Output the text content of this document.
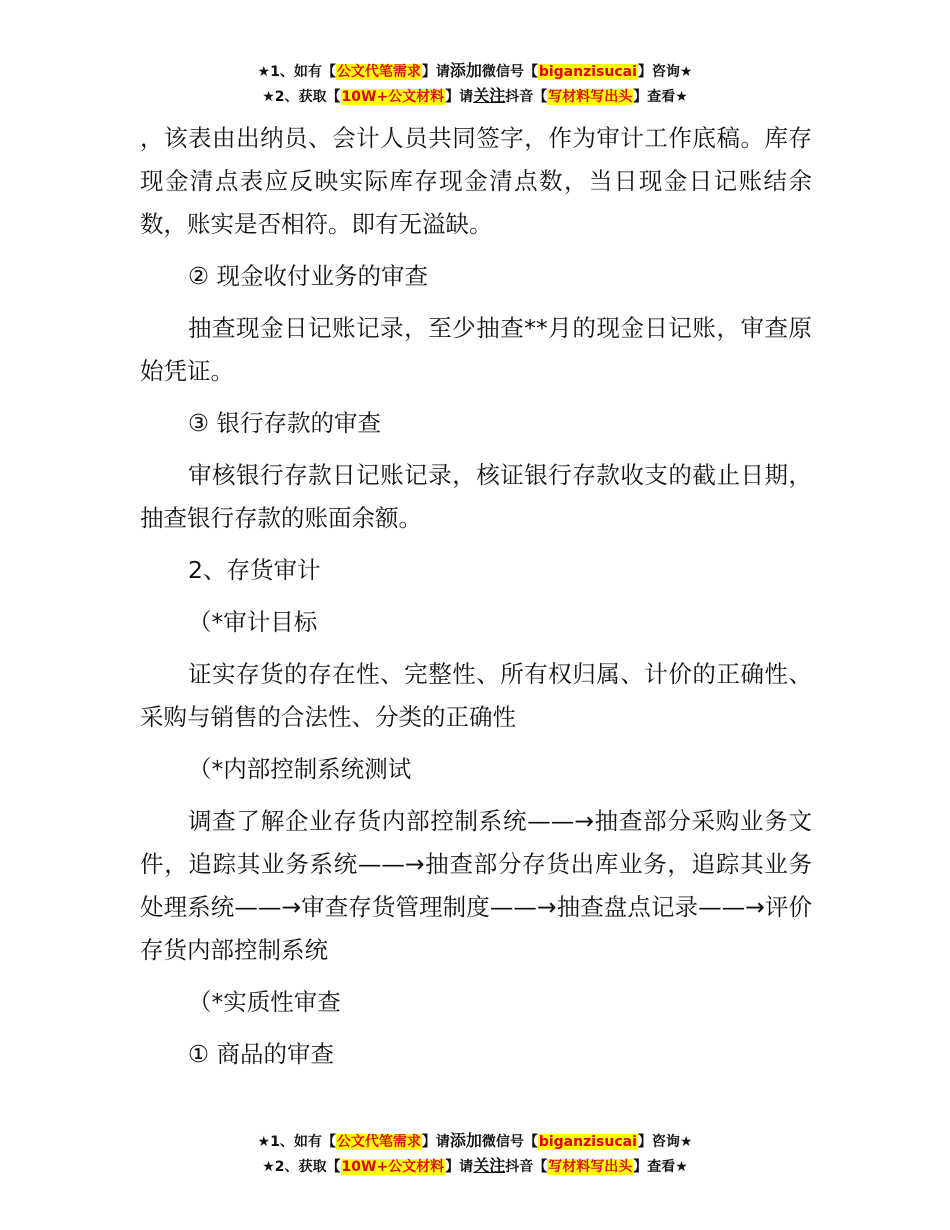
★1、如有【公文代笔需求】请添加微信号【biganzisucai】咨询★
★2、获取【10W+公文材料】请关注抖音【写材料写出头】查看★

，该表由出纳员、会计人员共同签字，作为审计工作底稿。库存现金清点表应反映实际库存现金清点数，当日现金日记账结余数，账实是否相符。即有无溢缺。

② 现金收付业务的审查

抽查现金日记账记录，至少抽查**月的现金日记账，审查原始凭证。

③ 银行存款的审查

审核银行存款日记账记录，核证银行存款收支的截止日期，抽查银行存款的账面余额。

2、存货审计

（*审计目标

证实存货的存在性、完整性、所有权归属、计价的正确性、采购与销售的合法性、分类的正确性

（*内部控制系统测试

调查了解企业存货内部控制系统——→抽查部分采购业务文件，追踪其业务系统——→抽查部分存货出库业务，追踪其业务处理系统——→审查存货管理制度——→抽查盘点记录——→评价存货内部控制系统

（*实质性审查

① 商品的审查

★1、如有【公文代笔需求】请添加微信号【biganzisucai】咨询★
★2、获取【10W+公文材料】请关注抖音【写材料写出头】查看★
